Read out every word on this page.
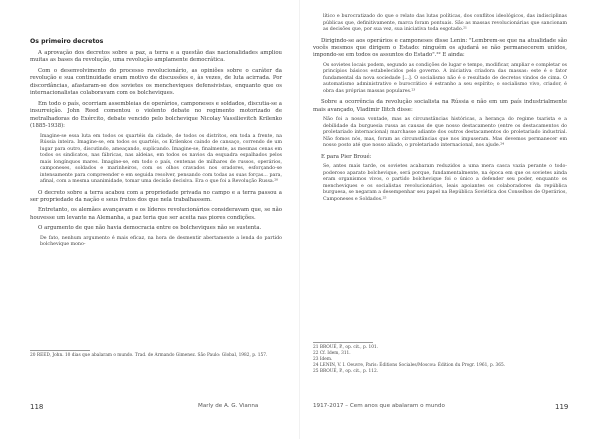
Os primeiro decretos

A aprovação dos decretos sobre a paz, a terra e a questão das nacionalidades ampliou muitas as bases da revolução, uma revolução amplamente democrática.

Com o desenvolvimento do processo revolucionário, as opiniões sobre o caráter da revolução e sua continuidade eram motivo de discussões e, às vezes, de luta acirrada. Por discordâncias, afastaram-se dos sovietes os mencheviques defensivistas, enquanto que os internacionalistas colaboravam com os bolcheviques.

Em todo o país, ocorriam assembleias de operários, camponeses e soldados, discutia-se a insurreição. John Reed comentou o violento debate no regimento motorizado de metralhadoras do Exército, debate vencido pelo bolchevique Nicolay Vassilievitch Krilenko (1885-1938):

Imagine-se essa luta em todos os quartéis da cidade, de todos os distritos, em toda a frente, na Rússia inteira. Imagine-se, em todos os quartéis, os Krilenkos caindo de cansaço, correndo de um lugar para outro, discutindo, ameaçando, suplicando. Imagine-se, finalmente, as mesmas cenas em todos os sindicatos, nas fábricas, nas aldeias, em todos os navios da esquadra espalhados pelos mais longínquos mares. Imagine-se, em todo o país, centenas de milhares de russos, operários, camponeses, soldados e marinheiros, com os olhos cravados nos oradores, esforçando-se intensamente para compreender e em seguida resolver, pensando com todas as suas forças... para, afinal, com a mesma unanimidade, tomar uma decisão decisiva. Era o que foi a Revolução Russa.²⁰

O decreto sobre a terra acabou com a propriedade privada no campo e a terra passou a ser propriedade da nação e seus frutos dos que nela trabalhassem.

Entretanto, os alemães avançavam e os líderes revolucionários consideravam que, se não houvesse um levante na Alemanha, a paz teria que ser aceita nas piores condições.

O argumento de que não havia democracia entre os bolcheviques não se sustenta.

De fato, nenhum argumento é mais eficaz, na hora de desmentir abertamente a lenda do partido bolchevique mono-

20 REED, John. 10 dias que abalaram o mundo. Trad. de Armando Gimenez. São Paulo: Global, 1982, p. 157.

118	Marly de A. G. Vianna
lítico e burocratizado do que o relato das lutas políticas, dos conflitos ideológicos, das indisciplinas públicas que, definitivamente, marca foram pontuais. São as massas revolucionárias que sancionam as decisões que, por sua vez, sua iniciativa toda esgotado.²¹

Dirigindo-se aos operários e camponeses disse Lenin: "Lembrem-se que na atualidade são vocês mesmos que dirigem o Estado: ninguém os ajudará se não permanecerem unidos, impondo-se em todos os assuntos do Estado".²² E ainda:

Os sovietes locais podem, segundo as condições de lugar e tempo, modificar, ampliar e completar os princípios básicos estabelecidos pelo governo. A iniciativa criadora das massas: este é o fator fundamental da nova sociedade [...]. O socialismo não é o resultado de decretos vindos de cima. O automatismo administrativo e burocrático é estranho a seu espírito; o socialismo vivo, criador, é obra das próprias massas populares.²³

Sobre a ocorrência da revolução socialista na Rússia e não em um país industrialmente mais avançado, Vladimir Ilitch disse:

Não foi a nossa vontade, mas as circunstâncias históricas, a herança do regime tsarista e a debilidade da burguesia russa as causas de que nosso destacamento (entre os destacamentos do proletariado internacional) marchasse adiante dos outros destacamentos do proletariado industrial. Não fomos nós, mas, foram as circunstâncias que nos impuseram. Mas devemos permanecer em nosso posto até que nosso aliado, o proletariado internacional, nos ajude.²⁴

E para Pier Broué:

Se, antes mais tarde, os sovietes acabaram reduzidos a uma mera casca vazia perante o todo-poderoso aparato bolchevique, será porque, fundamentalmente, na época em que os sovietes ainda eram organismos vivos, o partido bolchevique foi o único a defender seu poder, enquanto os mencheviques e os socialistas revolucionários, leais apoiantes os colaboradores da república burguesa, se negaram a desempenhar seu papel na República Soviética dos Conselhos de Operários, Camponeses e Soldados.²⁵

21 BROUÉ, P., op. cit., p. 101.

22 Cf. Idem, 311.

23 Idem.

24 LENIN, V. I. Oeuvre, Paris: Éditions Sociales/Moscou: Édition du Progr. 1961, p. 365.

25 BROUÉ, P., op. cit., p. 112.

1917-2017 – Cem anos que abalaram o mundo	119
